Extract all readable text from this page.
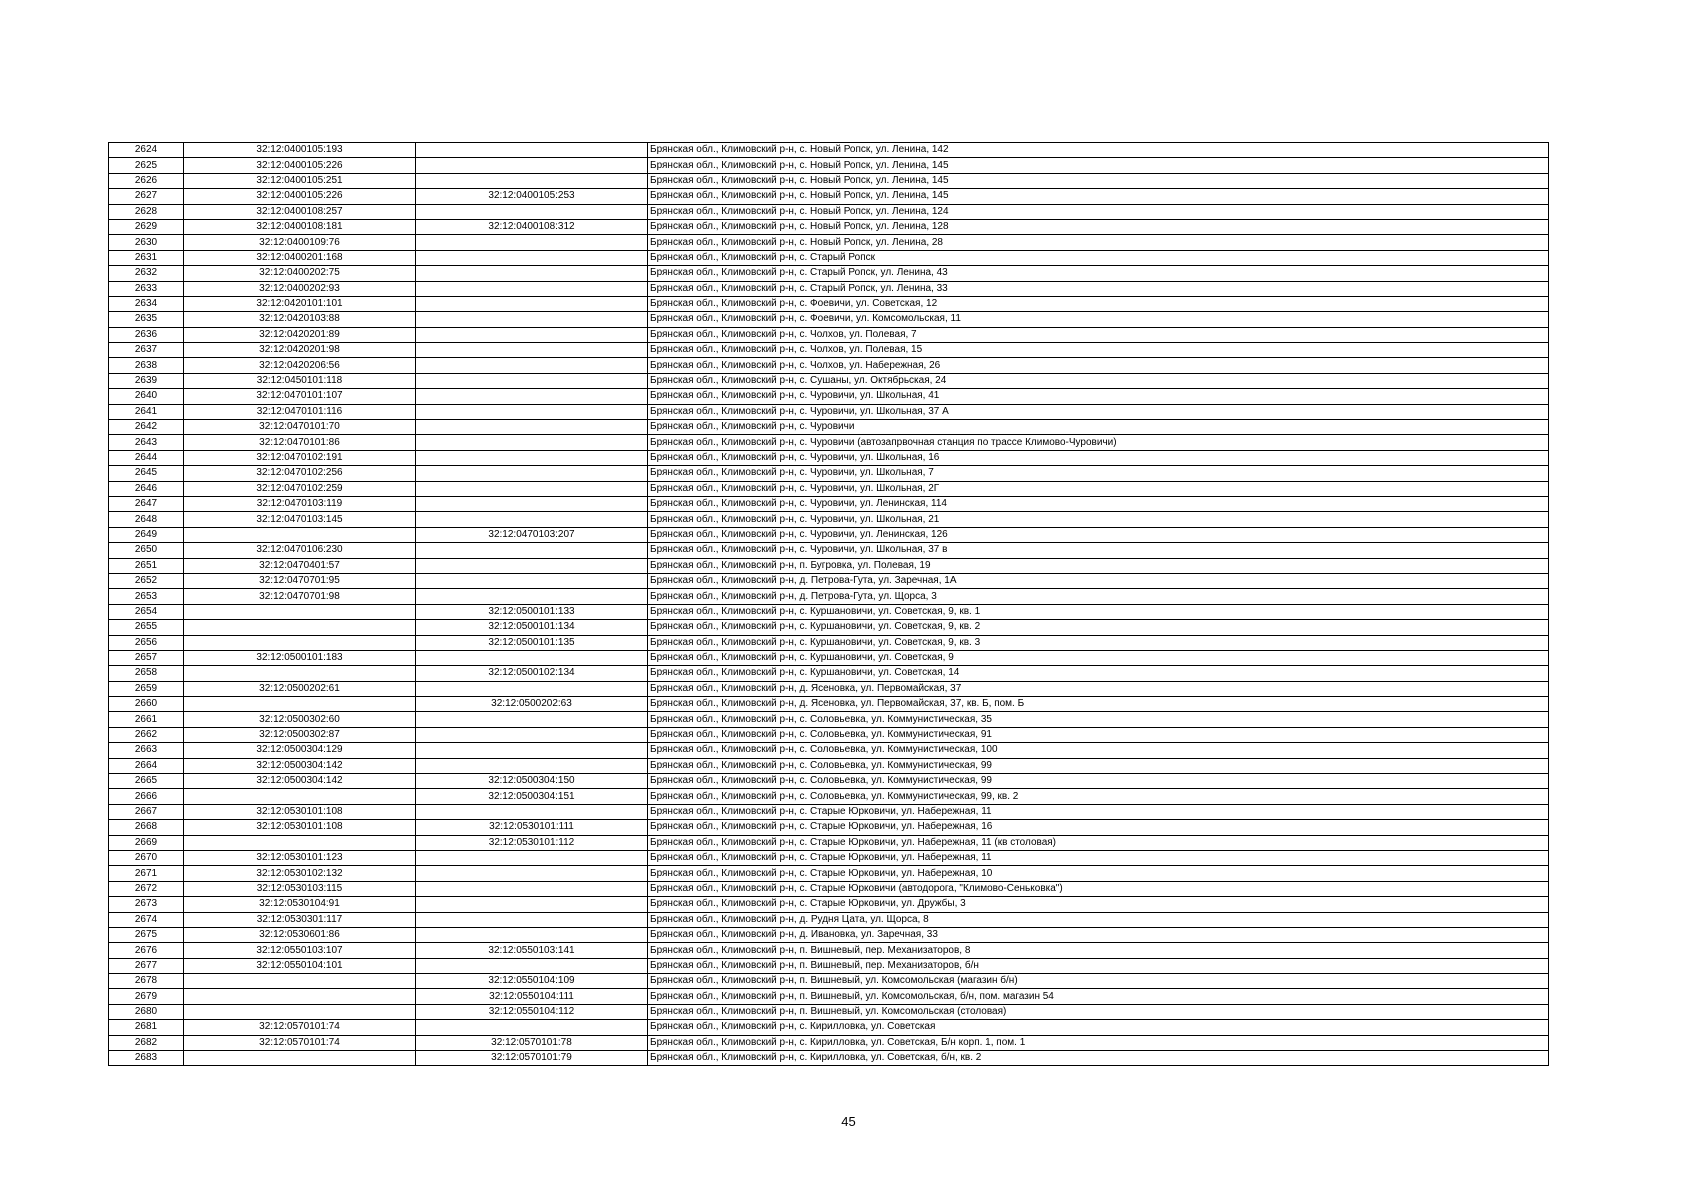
2624	32:12:0400105:193		Брянская обл., Климовский р-н, с. Новый Ропск, ул. Ленина, 142
2625	32:12:0400105:226		Брянская обл., Климовский р-н, с. Новый Ропск, ул. Ленина, 145
2626	32:12:0400105:251		Брянская обл., Климовский р-н, с. Новый Ропск, ул. Ленина, 145
2627	32:12:0400105:226	32:12:0400105:253	Брянская обл., Климовский р-н, с. Новый Ропск, ул. Ленина, 145
2628	32:12:0400108:257		Брянская обл., Климовский р-н, с. Новый Ропск, ул. Ленина, 124
2629	32:12:0400108:181	32:12:0400108:312	Брянская обл., Климовский р-н, с. Новый Ропск, ул. Ленина, 128
2630	32:12:0400109:76		Брянская обл., Климовский р-н, с. Новый Ропск, ул. Ленина, 28
2631	32:12:0400201:168		Брянская обл., Климовский р-н, с. Старый Ропск
2632	32:12:0400202:75		Брянская обл., Климовский р-н, с. Старый Ропск, ул. Ленина, 43
2633	32:12:0400202:93		Брянская обл., Климовский р-н, с. Старый Ропск, ул. Ленина, 33
2634	32:12:0420101:101		Брянская обл., Климовский р-н, с. Фоевичи, ул. Советская, 12
2635	32:12:0420103:88		Брянская обл., Климовский р-н, с. Фоевичи, ул. Комсомольская, 11
2636	32:12:0420201:89		Брянская обл., Климовский р-н, с. Чолхов, ул. Полевая, 7
2637	32:12:0420201:98		Брянская обл., Климовский р-н, с. Чолхов, ул. Полевая, 15
2638	32:12:0420206:56		Брянская обл., Климовский р-н, с. Чолхов, ул. Набережная, 26
2639	32:12:0450101:118		Брянская обл., Климовский р-н, с. Сушаны, ул. Октябрьская, 24
2640	32:12:0470101:107		Брянская обл., Климовский р-н, с. Чуровичи, ул. Школьная, 41
2641	32:12:0470101:116		Брянская обл., Климовский р-н, с. Чуровичи, ул. Школьная, 37 А
2642	32:12:0470101:70		Брянская обл., Климовский р-н, с. Чуровичи
2643	32:12:0470101:86		Брянская обл., Климовский р-н, с. Чуровичи (автозапрвочная станция по трассе Климово-Чуровичи)
2644	32:12:0470102:191		Брянская обл., Климовский р-н, с. Чуровичи, ул. Школьная, 16
2645	32:12:0470102:256		Брянская обл., Климовский р-н, с. Чуровичи, ул. Школьная, 7
2646	32:12:0470102:259		Брянская обл., Климовский р-н, с. Чуровичи, ул. Школьная, 2Г
2647	32:12:0470103:119		Брянская обл., Климовский р-н, с. Чуровичи, ул. Ленинская, 114
2648	32:12:0470103:145		Брянская обл., Климовский р-н, с. Чуровичи, ул. Школьная, 21
2649		32:12:0470103:207	Брянская обл., Климовский р-н, с. Чуровичи, ул. Ленинская, 126
2650	32:12:0470106:230		Брянская обл., Климовский р-н, с. Чуровичи, ул. Школьная, 37 в
2651	32:12:0470401:57		Брянская обл., Климовский р-н, п. Бугровка, ул. Полевая, 19
2652	32:12:0470701:95		Брянская обл., Климовский р-н, д. Петрова-Гута, ул. Заречная, 1А
2653	32:12:0470701:98		Брянская обл., Климовский р-н, д. Петрова-Гута, ул. Щорса, 3
2654		32:12:0500101:133	Брянская обл., Климовский р-н, с. Куршановичи, ул. Советская, 9, кв. 1
2655		32:12:0500101:134	Брянская обл., Климовский р-н, с. Куршановичи, ул. Советская, 9, кв. 2
2656		32:12:0500101:135	Брянская обл., Климовский р-н, с. Куршановичи, ул. Советская, 9, кв. 3
2657	32:12:0500101:183		Брянская обл., Климовский р-н, с. Куршановичи, ул. Советская, 9
2658		32:12:0500102:134	Брянская обл., Климовский р-н, с. Куршановичи, ул. Советская, 14
2659	32:12:0500202:61		Брянская обл., Климовский р-н, д. Ясеновка, ул. Первомайская, 37
2660		32:12:0500202:63	Брянская обл., Климовский р-н, д. Ясеновка, ул. Первомайская, 37, кв. Б, пом. Б
2661	32:12:0500302:60		Брянская обл., Климовский р-н, с. Соловьевка, ул. Коммунистическая, 35
2662	32:12:0500302:87		Брянская обл., Климовский р-н, с. Соловьевка, ул. Коммунистическая, 91
2663	32:12:0500304:129		Брянская обл., Климовский р-н, с. Соловьевка, ул. Коммунистическая, 100
2664	32:12:0500304:142		Брянская обл., Климовский р-н, с. Соловьевка, ул. Коммунистическая, 99
2665	32:12:0500304:142	32:12:0500304:150	Брянская обл., Климовский р-н, с. Соловьевка, ул. Коммунистическая, 99
2666		32:12:0500304:151	Брянская обл., Климовский р-н, с. Соловьевка, ул. Коммунистическая, 99, кв. 2
2667	32:12:0530101:108		Брянская обл., Климовский р-н, с. Старые Юрковичи, ул. Набережная, 11
2668	32:12:0530101:108	32:12:0530101:111	Брянская обл., Климовский р-н, с. Старые Юрковичи, ул. Набережная, 16
2669		32:12:0530101:112	Брянская обл., Климовский р-н, с. Старые Юрковичи, ул. Набережная, 11 (кв столовая)
2670	32:12:0530101:123		Брянская обл., Климовский р-н, с. Старые Юрковичи, ул. Набережная, 11
2671	32:12:0530102:132		Брянская обл., Климовский р-н, с. Старые Юрковичи, ул. Набережная, 10
2672	32:12:0530103:115		Брянская обл., Климовский р-н, с. Старые Юрковичи (автодорога, "Климово-Сеньковка")
2673	32:12:0530104:91		Брянская обл., Климовский р-н, с. Старые Юрковичи, ул. Дружбы, 3
2674	32:12:0530301:117		Брянская обл., Климовский р-н, д. Рудня Цата, ул. Щорса, 8
2675	32:12:0530601:86		Брянская обл., Климовский р-н, д. Ивановка, ул. Заречная, 33
2676	32:12:0550103:107	32:12:0550103:141	Брянская обл., Климовский р-н, п. Вишневый, пер. Механизаторов, 8
2677	32:12:0550104:101		Брянская обл., Климовский р-н, п. Вишневый, пер. Механизаторов, б/н
2678		32:12:0550104:109	Брянская обл., Климовский р-н, п. Вишневый, ул. Комсомольская (магазин б/н)
2679		32:12:0550104:111	Брянская обл., Климовский р-н, п. Вишневый, ул. Комсомольская, б/н, пом. магазин 54
2680		32:12:0550104:112	Брянская обл., Климовский р-н, п. Вишневый, ул. Комсомольская (столовая)
2681	32:12:0570101:74		Брянская обл., Климовский р-н, с. Кирилловка, ул. Советская
2682	32:12:0570101:74	32:12:0570101:78	Брянская обл., Климовский р-н, с. Кирилловка, ул. Советская, Б/н корп. 1, пом. 1
2683		32:12:0570101:79	Брянская обл., Климовский р-н, с. Кирилловка, ул. Советская, б/н, кв. 2
45
